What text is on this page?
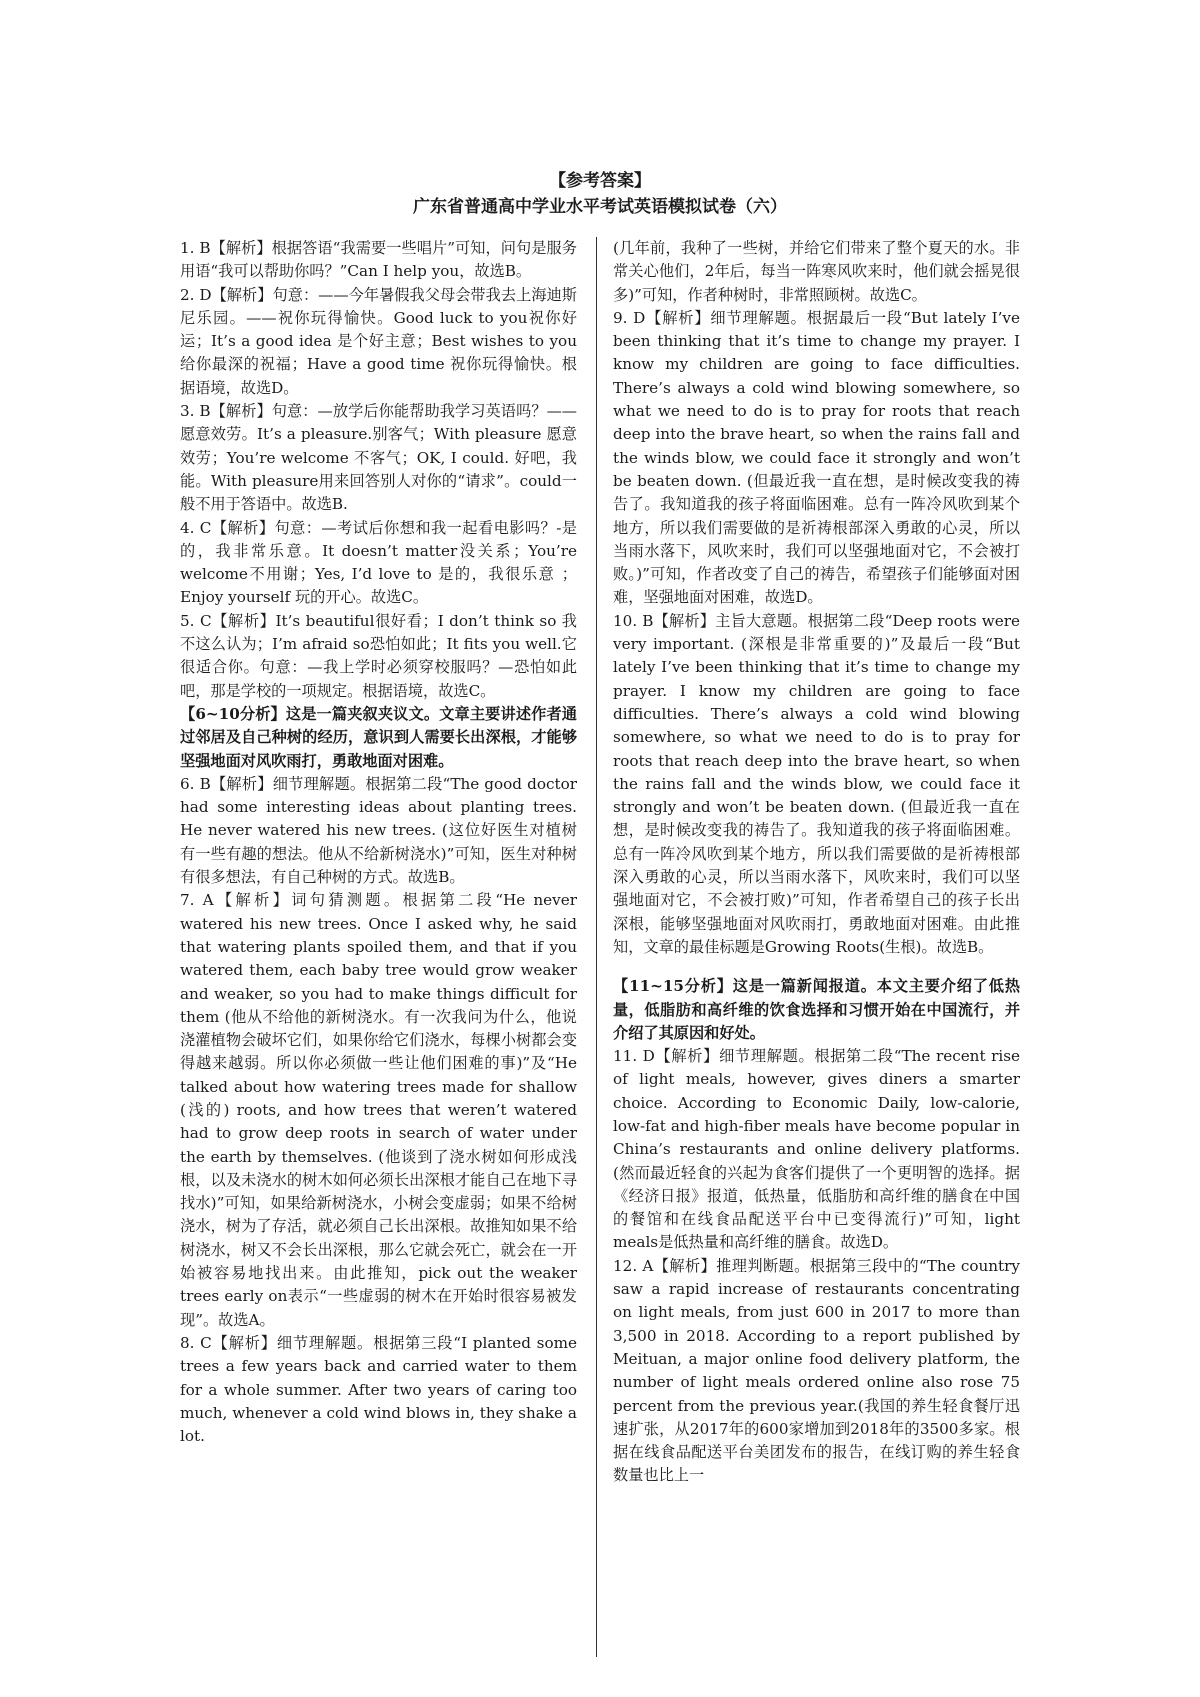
【参考答案】
广东省普通高中学业水平考试英语模拟试卷（六）

1. B【解析】根据答语“我需要一些唱片”可知，问句是服务用语“我可以帮助你吗？”Can I help you，故选B。

2. D【解析】句意：——今年暑假我父母会带我去上海迪斯尼乐园。——祝你玩得愉快。Good luck to you祝你好运；It’s a good idea 是个好主意；Best wishes to you 给你最深的祝福；Have a good time 祝你玩得愉快。根据语境，故选D。

3. B【解析】句意：—放学后你能帮助我学习英语吗？——愿意效劳。It’s a pleasure.别客气；With pleasure 愿意效劳；You’re welcome 不客气；OK, I could. 好吧，我能。With pleasure用来回答别人对你的“请求”。could一般不用于答语中。故选B.

4. C【解析】句意：—考试后你想和我一起看电影吗？-是的，我非常乐意。It doesn’t matter没关系；You’re welcome不用谢；Yes, I’d love to 是的，我很乐意 ； Enjoy yourself 玩的开心。故选C。

5. C【解析】It’s beautiful很好看；I don’t think so 我不这么认为；I’m afraid so恐怕如此；It fits you well.它很适合你。句意：—我上学时必须穿校服吗？—恐怕如此吧，那是学校的一项规定。根据语境，故选C。

【6~10分析】这是一篇夹叙夹议文。文章主要讲述作者通过邻居及自己种树的经历，意识到人需要长出深根，才能够坚强地面对风吹雨打，勇敢地面对困难。

6. B【解析】细节理解题。根据第二段“The good doctor had some interesting ideas about planting trees. He never watered his new trees. (这位好医生对植树有一些有趣的想法。他从不给新树浇水)”可知，医生对种树有很多想法，有自己种树的方式。故选B。

7. A【解析】词句猜测题。根据第二段“He never watered his new trees. Once I asked why, he said that watering plants spoiled them, and that if you watered them, each baby tree would grow weaker and weaker, so you had to make things difficult for them (他从不给他的新树浇水。有一次我问为什么，他说浇灌植物会破坏它们，如果你给它们浇水，每棵小树都会变得越来越弱。所以你必须做一些让他们困难的事)”及“He talked about how watering trees made for shallow (浅的) roots, and how trees that weren’t watered had to grow deep roots in search of water under the earth by themselves. (他谈到了浇水树如何形成浅根，以及未浇水的树木如何必须长出深根才能自己在地下寻找水)”可知，如果给新树浇水，小树会变虚弱；如果不给树浇水，树为了存活，就必须自己长出深根。故推知如果不给树浇水，树又不会长出深根，那么它就会死亡，就会在一开始被容易地找出来。由此推知，pick out the weaker trees early on表示“一些虚弱的树木在开始时很容易被发现”。故选A。

8. C【解析】细节理解题。根据第三段“I planted some trees a few years back and carried water to them for a whole summer. After two years of caring too much, whenever a cold wind blows in, they shake a lot.

(几年前，我种了一些树，并给它们带来了整个夏天的水。非常关心他们，2年后，每当一阵寒风吹来时，他们就会摇晃很多)”可知，作者种树时，非常照顾树。故选C。

9. D【解析】细节理解题。根据最后一段“But lately I’ve been thinking that it’s time to change my prayer. I know my children are going to face difficulties. There’s always a cold wind blowing somewhere, so what we need to do is to pray for roots that reach deep into the brave heart, so when the rains fall and the winds blow, we could face it strongly and won’t be beaten down. (但最近我一直在想，是时候改变我的祷告了。我知道我的孩子将面临困难。总有一阵冷风吹到某个地方，所以我们需要做的是祈祷根部深入勇敢的心灵，所以当雨水落下，风吹来时，我们可以坚强地面对它，不会被打败。)”可知，作者改变了自己的祷告，希望孩子们能够面对困难，坚强地面对困难，故选D。

10. B【解析】主旨大意题。根据第二段“Deep roots were very important. (深根是非常重要的)”及最后一段“But lately I’ve been thinking that it’s time to change my prayer. I know my children are going to face difficulties. There’s always a cold wind blowing somewhere, so what we need to do is to pray for roots that reach deep into the brave heart, so when the rains fall and the winds blow, we could face it strongly and won’t be beaten down. (但最近我一直在想，是时候改变我的祷告了。我知道我的孩子将面临困难。总有一阵冷风吹到某个地方，所以我们需要做的是祈祷根部深入勇敢的心灵，所以当雨水落下，风吹来时，我们可以坚强地面对它，不会被打败)”可知，作者希望自己的孩子长出深根，能够坚强地面对风吹雨打，勇敢地面对困难。由此推知，文章的最佳标题是Growing Roots(生根)。故选B。

【11~15分析】这是一篇新闻报道。本文主要介绍了低热量，低脂肪和高纤维的饮食选择和习惯开始在中国流行，并介绍了其原因和好处。

11. D【解析】细节理解题。根据第二段“The recent rise of light meals, however, gives diners a smarter choice. According to Economic Daily, low-calorie, low-fat and high-fiber meals have become popular in China’s restaurants and online delivery platforms.(然而最近轻食的兴起为食客们提供了一个更明智的选择。据《经济日报》报道，低热量，低脂肪和高纤维的膳食在中国的餐馆和在线食品配送平台中已变得流行)”可知，light meals是低热量和高纤维的膳食。故选D。

12. A【解析】推理判断题。根据第三段中的“The country saw a rapid increase of restaurants concentrating on light meals, from just 600 in 2017 to more than 3,500 in 2018. According to a report published by Meituan, a major online food delivery platform, the number of light meals ordered online also rose 75 percent from the previous year.(我国的养生轻食餐厅迅速扩张，从2017年的600家增加到2018年的3500多家。根据在线食品配送平台美团发布的报告，在线订购的养生轻食数量也比上一
